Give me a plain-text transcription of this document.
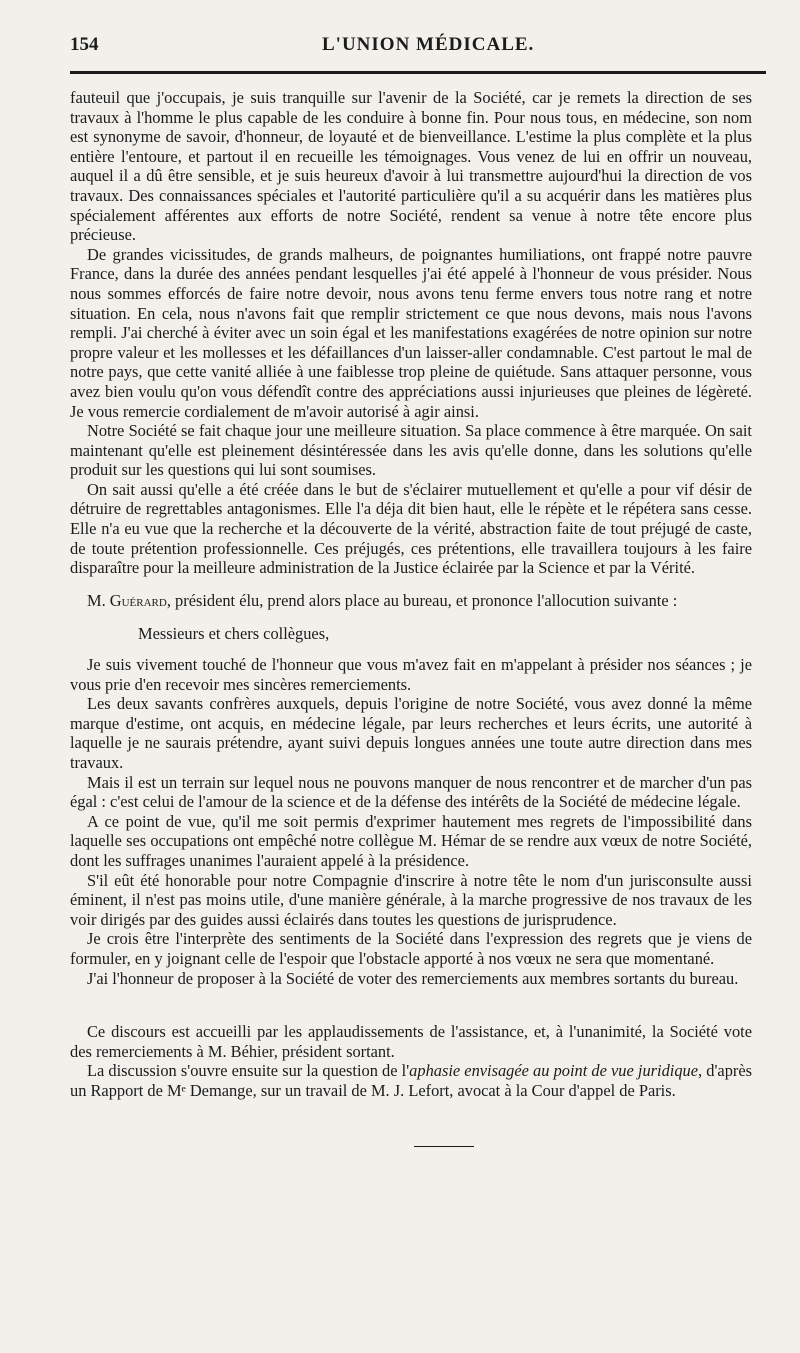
154	L'UNION MÉDICALE.

fauteuil que j'occupais, je suis tranquille sur l'avenir de la Société, car je remets la direction de ses travaux à l'homme le plus capable de les conduire à bonne fin. Pour nous tous, en médecine, son nom est synonyme de savoir, d'honneur, de loyauté et de bienveillance. L'estime la plus complète et la plus entière l'entoure, et partout il en recueille les témoignages. Vous venez de lui en offrir un nouveau, auquel il a dû être sensible, et je suis heureux d'avoir à lui transmettre aujourd'hui la direction de vos travaux. Des connaissances spéciales et l'autorité particulière qu'il a su acquérir dans les matières plus spécialement afférentes aux efforts de notre Société, rendent sa venue à notre tête encore plus précieuse.

De grandes vicissitudes, de grands malheurs, de poignantes humiliations, ont frappé notre pauvre France, dans la durée des années pendant lesquelles j'ai été appelé à l'honneur de vous présider. Nous nous sommes efforcés de faire notre devoir, nous avons tenu ferme envers tous notre rang et notre situation. En cela, nous n'avons fait que remplir strictement ce que nous devons, mais nous l'avons rempli. J'ai cherché à éviter avec un soin égal et les manifestations exagérées de notre opinion sur notre propre valeur et les mollesses et les défaillances d'un laisser-aller condamnable. C'est partout le mal de notre pays, que cette vanité alliée à une faiblesse trop pleine de quiétude. Sans attaquer personne, vous avez bien voulu qu'on vous défendît contre des appréciations aussi injurieuses que pleines de légèreté. Je vous remercie cordialement de m'avoir autorisé à agir ainsi.

Notre Société se fait chaque jour une meilleure situation. Sa place commence à être marquée. On sait maintenant qu'elle est pleinement désintéressée dans les avis qu'elle donne, dans les solutions qu'elle produit sur les questions qui lui sont soumises.

On sait aussi qu'elle a été créée dans le but de s'éclairer mutuellement et qu'elle a pour vif désir de détruire de regrettables antagonismes. Elle l'a déja dit bien haut, elle le répète et le répétera sans cesse. Elle n'a eu vue que la recherche et la découverte de la vérité, abstraction faite de tout préjugé de caste, de toute prétention professionnelle. Ces préjugés, ces prétentions, elle travaillera toujours à les faire disparaître pour la meilleure administration de la Justice éclairée par la Science et par la Vérité.

M. Guérard, président élu, prend alors place au bureau, et prononce l'allocution suivante :

Messieurs et chers collègues,

Je suis vivement touché de l'honneur que vous m'avez fait en m'appelant à présider nos séances ; je vous prie d'en recevoir mes sincères remerciements.

Les deux savants confrères auxquels, depuis l'origine de notre Société, vous avez donné la même marque d'estime, ont acquis, en médecine légale, par leurs recherches et leurs écrits, une autorité à laquelle je ne saurais prétendre, ayant suivi depuis longues années une toute autre direction dans mes travaux.

Mais il est un terrain sur lequel nous ne pouvons manquer de nous rencontrer et de marcher d'un pas égal : c'est celui de l'amour de la science et de la défense des intérêts de la Société de médecine légale.

A ce point de vue, qu'il me soit permis d'exprimer hautement mes regrets de l'impossibilité dans laquelle ses occupations ont empêché notre collègue M. Hémar de se rendre aux vœux de notre Société, dont les suffrages unanimes l'auraient appelé à la présidence.

S'il eût été honorable pour notre Compagnie d'inscrire à notre tête le nom d'un jurisconsulte aussi éminent, il n'est pas moins utile, d'une manière générale, à la marche progressive de nos travaux de les voir dirigés par des guides aussi éclairés dans toutes les questions de jurisprudence.

Je crois être l'interprète des sentiments de la Société dans l'expression des regrets que je viens de formuler, en y joignant celle de l'espoir que l'obstacle apporté à nos vœux ne sera que momentané.

J'ai l'honneur de proposer à la Société de voter des remerciements aux membres sortants du bureau.

Ce discours est accueilli par les applaudissements de l'assistance, et, à l'unanimité, la Société vote des remerciements à M. Béhier, président sortant.

La discussion s'ouvre ensuite sur la question de l'aphasie envisagée au point de vue juridique, d'après un Rapport de Mᵉ Demange, sur un travail de M. J. Lefort, avocat à la Cour d'appel de Paris.
